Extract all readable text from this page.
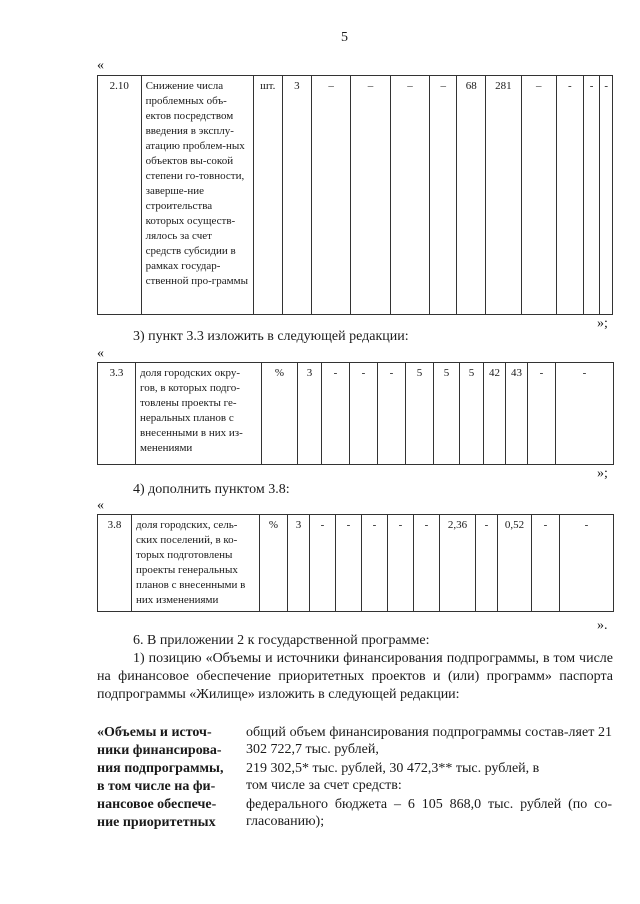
5
«
2.10	Снижение числа проблемных объ-ектов посредством введения в эксплу-атацию проблем-ных объектов вы-сокой степени го-товности, заверше-ние строительства которых осуществ-лялось за счет средств субсидии в рамках государ-ственной про-граммы	шт.	3	–	–	–	–	68	281	–	-	-	-
»;
3) пункт 3.3 изложить в следующей редакции:
«
3.3	доля городских окру-гов, в которых подго-товлены проекты ге-неральных планов с внесенными в них из-менениями	%	3	-	-	-	5	5	5	42	43	-	-
»;
4) дополнить пунктом 3.8:
«
3.8	доля городских, сель-ских поселений, в ко-торых подготовлены проекты генеральных планов с внесенными в них изменениями	%	3	-	-	-	-	-	2,36	-	0,52	-	-
».
6. В приложении 2 к государственной программе:
1) позицию «Объемы и источники финансирования подпрограммы, в том числе на финансовое обеспечение приоритетных проектов и (или) программ» паспорта подпрограммы «Жилище» изложить в следующей редакции:
«Объемы и источ-ники финансирова-ния подпрограммы, в том числе на фи-нансовое обеспече-ние приоритетных
общий объем финансирования подпрограммы состав-ляет 21 302 722,7 тыс. рублей,
219 302,5* тыс. рублей, 30 472,3** тыс. рублей, в
том числе за счет средств:
федерального бюджета – 6 105 868,0 тыс. рублей (по со-гласованию);
